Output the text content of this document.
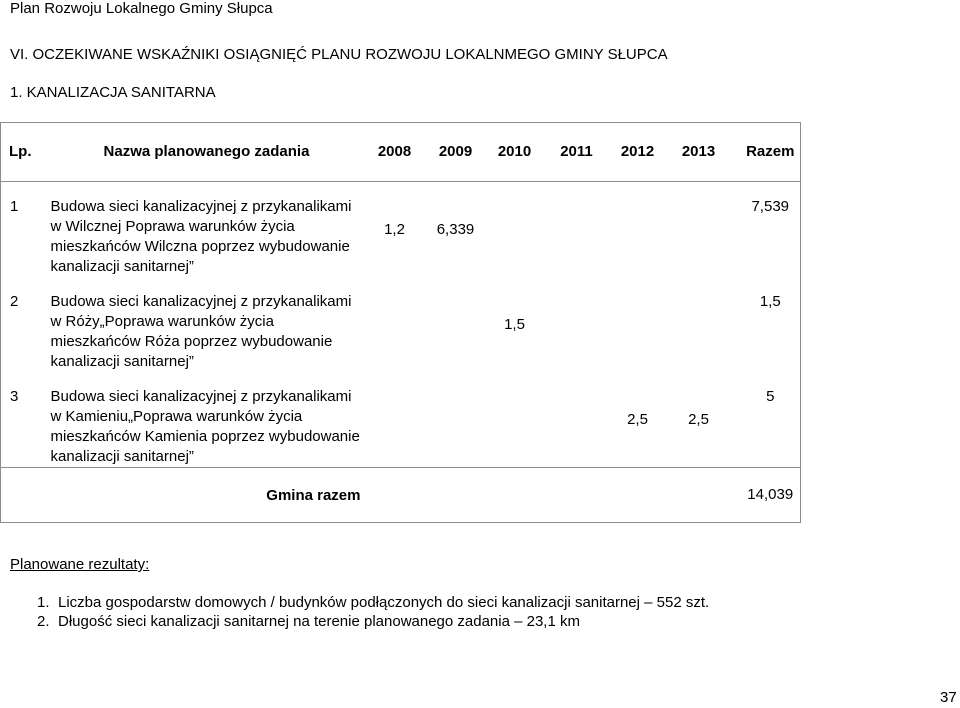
Plan Rozwoju Lokalnego Gminy Słupca
VI. OCZEKIWANE WSKAŹNIKI OSIĄGNIĘĆ PLANU ROZWOJU LOKALNMEGO GMINY SŁUPCA
1. KANALIZACJA SANITARNA
Lp.	Nazwa planowanego zadania	2008	2009	2010	2011	2012	2013	Razem
1	Budowa sieci kanalizacyjnej z przykanalikami w Wilcznej Poprawa warunków życia mieszkańców Wilczna poprzez wybudowanie kanalizacji sanitarnej”	1,2	6,339					7,539
2	Budowa sieci kanalizacyjnej z przykanalikami w Róży„Poprawa warunków życia mieszkańców Róża poprzez wybudowanie kanalizacji sanitarnej”			1,5				1,5
3	Budowa sieci kanalizacyjnej z przykanalikami w Kamieniu„Poprawa warunków życia mieszkańców Kamienia poprzez wybudowanie kanalizacji sanitarnej”					2,5	2,5	5
Gmina razem								14,039
Planowane rezultaty:
1. Liczba gospodarstw domowych / budynków podłączonych do sieci kanalizacji sanitarnej – 552 szt.
2. Długość sieci kanalizacji sanitarnej na terenie planowanego zadania – 23,1 km
37
